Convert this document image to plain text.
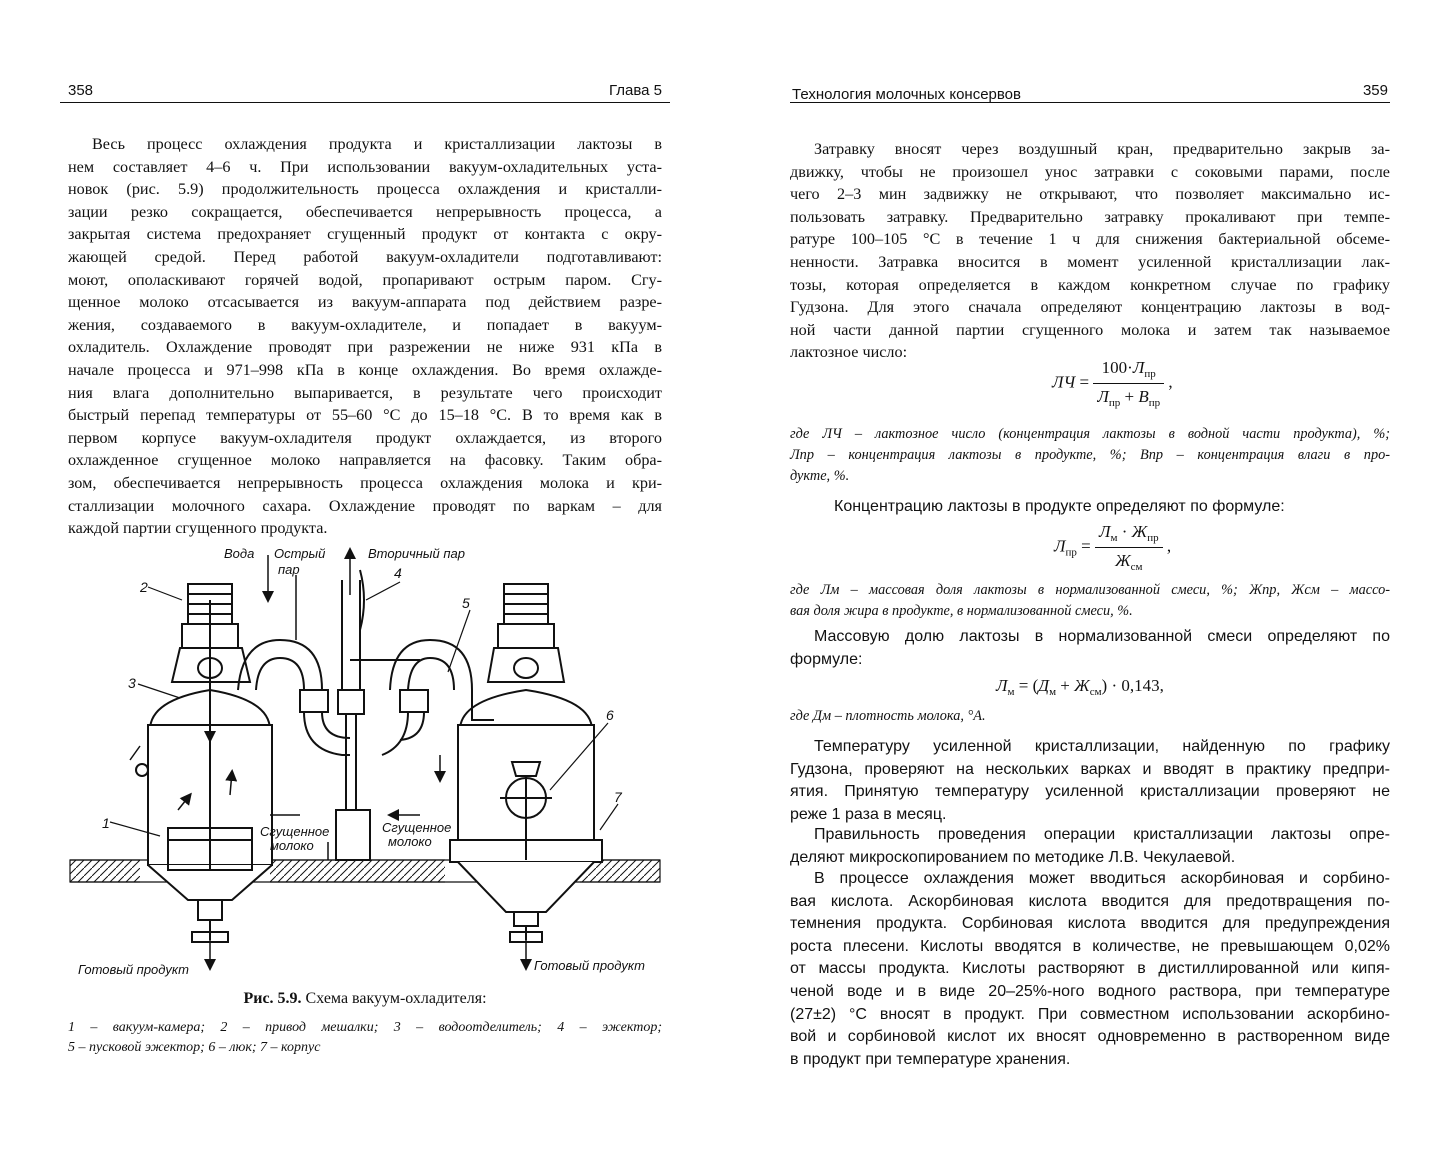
358	Глава 5
Весь процесс охлаждения продукта и кристаллизации лактозы в
нем составляет 4–6 ч. При использовании вакуум-охладительных уста-
новок (рис. 5.9) продолжительность процесса охлаждения и кристалли-
зации резко сокращается, обеспечивается непрерывность процесса, а
закрытая система предохраняет сгущенный продукт от контакта с окру-
жающей средой. Перед работой вакуум-охладители подготавливают:
моют, ополаскивают горячей водой, пропаривают острым паром. Сгу-
щенное молоко отсасывается из вакуум-аппарата под действием разре-
жения, создаваемого в вакуум-охладителе, и попадает в вакуум-
охладитель. Охлаждение проводят при разрежении не ниже 931 кПа в
начале процесса и 971–998 кПа в конце охлаждения. Во время охлажде-
ния влага дополнительно выпаривается, в результате чего происходит
быстрый перепад температуры от 55–60 °С до 15–18 °С. В то время как в
первом корпусе вакуум-охладителя продукт охлаждается, из второго
охлажденное сгущенное молоко направляется на фасовку. Таким обра-
зом, обеспечивается непрерывность процесса охлаждения молока и кри-
сталлизации молочного сахара. Охлаждение проводят по варкам – для
каждой партии сгущенного продукта.
Вода Острый
пар
Вторичный пар
Сгущенное
молоко
Сгущенное
молоко
Готовый продукт	Готовый продукт
1
2
3
4
5
6
7
Рис. 5.9. Схема вакуум-охладителя:
1 – вакуум-камера; 2 – привод мешалки; 3 – водоотделитель; 4 – эжектор;
5 – пусковой эжектор; 6 – люк; 7 – корпус
Технология молочных консервов	359
Затравку вносят через воздушный кран, предварительно закрыв за-
движку, чтобы не произошел унос затравки с соковыми парами, после
чего 2–3 мин задвижку не открывают, что позволяет максимально ис-
пользовать затравку. Предварительно затравку прокаливают при темпе-
ратуре 100–105 °С в течение 1 ч для снижения бактериальной обсеме-
ненности. Затравка вносится в момент усиленной кристаллизации лак-
тозы, которая определяется в каждом конкретном случае по графику
Гудзона. Для этого сначала определяют концентрацию лактозы в вод-
ной части данной партии сгущенного молока и затем так называемое
лактозное число:
ЛЧ = $\frac{100\cdot Л_{пр}}{Л_{пр} + В_{пр}}$ ,
где ЛЧ – лактозное число (концентрация лактозы в водной части продукта), %;
Лпр – концентрация лактозы в продукте, %; Впр – концентрация влаги в про-
дукте, %.
Концентрацию лактозы в продукте определяют по формуле:
$Л_{пр} = \frac{Л_м \cdot Ж_{пр}}{Ж_{см}}$ ,
где Лм – массовая доля лактозы в нормализованной смеси, %; Жпр, Жсм – массо-
вая доля жира в продукте, в нормализованной смеси, %.
Массовую долю лактозы в нормализованной смеси определяют по
формуле:
$Л_м = (Д_м + Ж_{см}) \cdot 0,143$,
где Дм – плотность молока, °А.
Температуру усиленной кристаллизации, найденную по графику
Гудзона, проверяют на нескольких варках и вводят в практику предпри-
ятия. Принятую температуру усиленной кристаллизации проверяют не
реже 1 раза в месяц.
Правильность проведения операции кристаллизации лактозы опре-
деляют микроскопированием по методике Л.В. Чекулаевой.
В процессе охлаждения может вводиться аскорбиновая и сорбино-
вая кислота. Аскорбиновая кислота вводится для предотвращения по-
темнения продукта. Сорбиновая кислота вводится для предупреждения
роста плесени. Кислоты вводятся в количестве, не превышающем 0,02%
от массы продукта. Кислоты растворяют в дистиллированной или кипя-
ченой воде и в виде 20–25%-ного водного раствора, при температуре
(27±2) °С вносят в продукт. При совместном использовании аскорбино-
вой и сорбиновой кислот их вносят одновременно в растворенном виде
в продукт при температуре хранения.
